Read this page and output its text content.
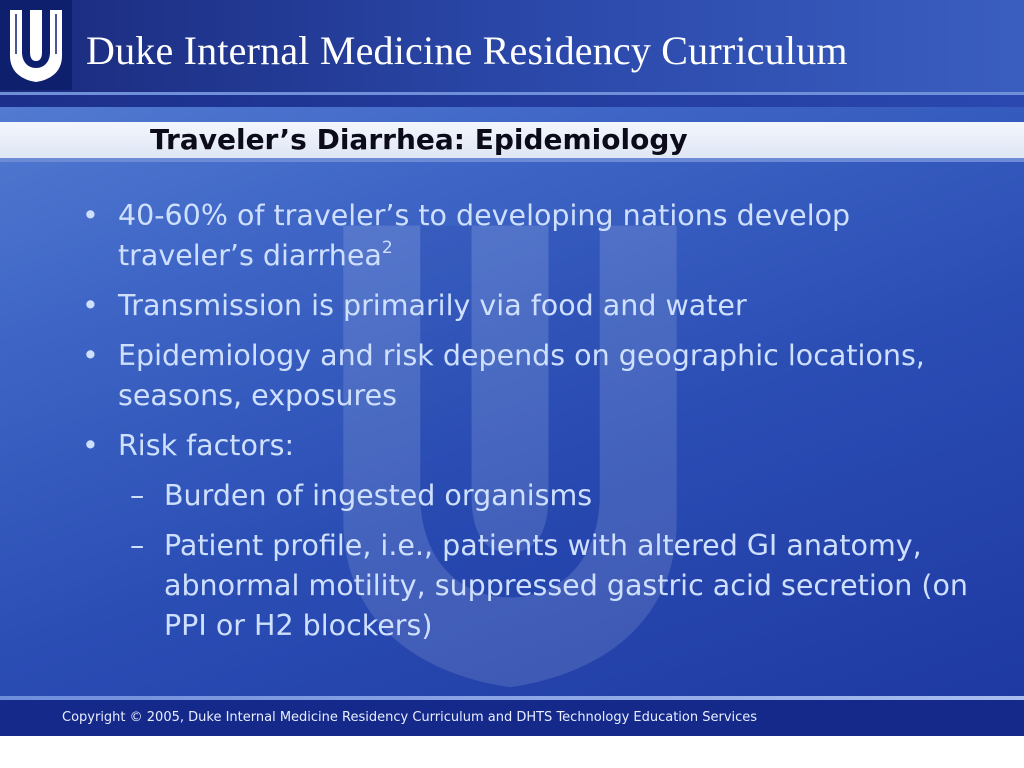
Duke Internal Medicine Residency Curriculum
Traveler’s Diarrhea: Epidemiology
• 40-60% of traveler’s to developing nations develop traveler’s diarrhea$^2$
• Transmission is primarily via food and water
• Epidemiology and risk depends on geographic locations, seasons, exposures
• Risk factors:
– Burden of ingested organisms
– Patient profile, i.e., patients with altered GI anatomy, abnormal motility, suppressed gastric acid secretion (on PPI or H2 blockers)
Copyright © 2005, Duke Internal Medicine Residency Curriculum and DHTS Technology Education Services
